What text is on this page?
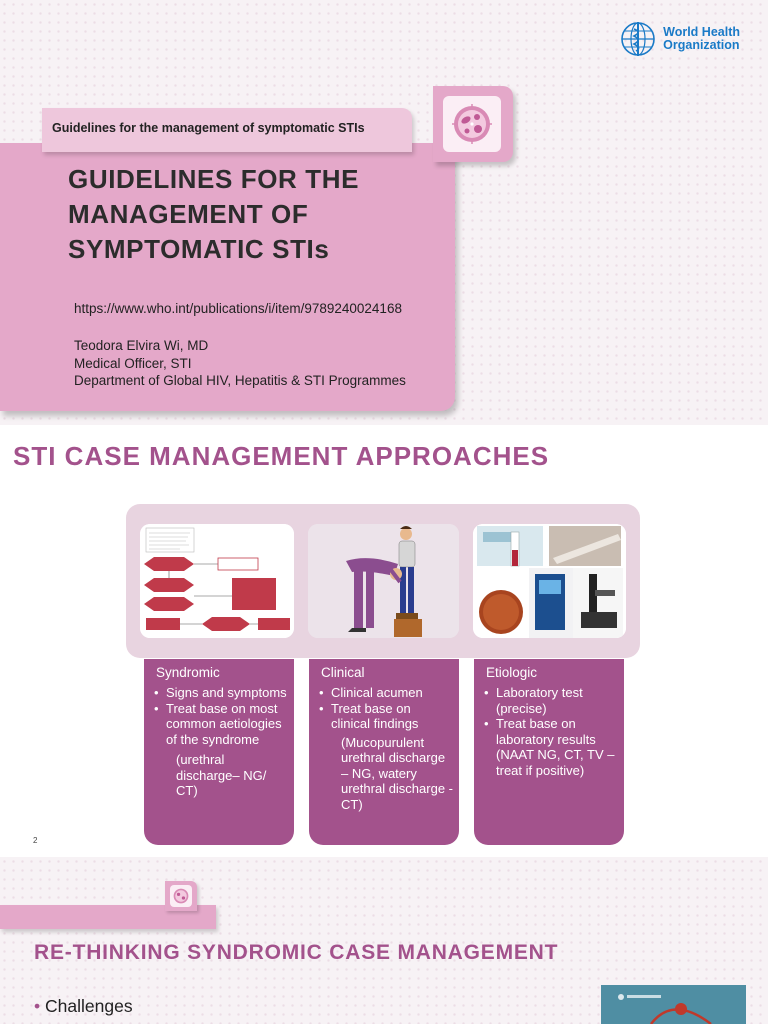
World Health
Organization
Guidelines for the management of symptomatic STIs
GUIDELINES FOR THE MANAGEMENT OF SYMPTOMATIC STIs
https://www.who.int/publications/i/item/9789240024168
Teodora Elvira Wi, MD
Medical Officer, STI
Department of Global HIV, Hepatitis & STI Programmes
STI CASE MANAGEMENT APPROACHES
Syndromic
• Signs and symptoms
• Treat base on most common aetiologies of the syndrome
(urethral discharge– NG/ CT)
Clinical
• Clinical acumen
• Treat base on clinical findings
(Mucopurulent urethral discharge – NG, watery urethral discharge - CT)
Etiologic
• Laboratory test (precise)
• Treat base on laboratory results (NAAT NG, CT, TV – treat if positive)
2
RE-THINKING SYNDROMIC CASE MANAGEMENT
• Challenges
